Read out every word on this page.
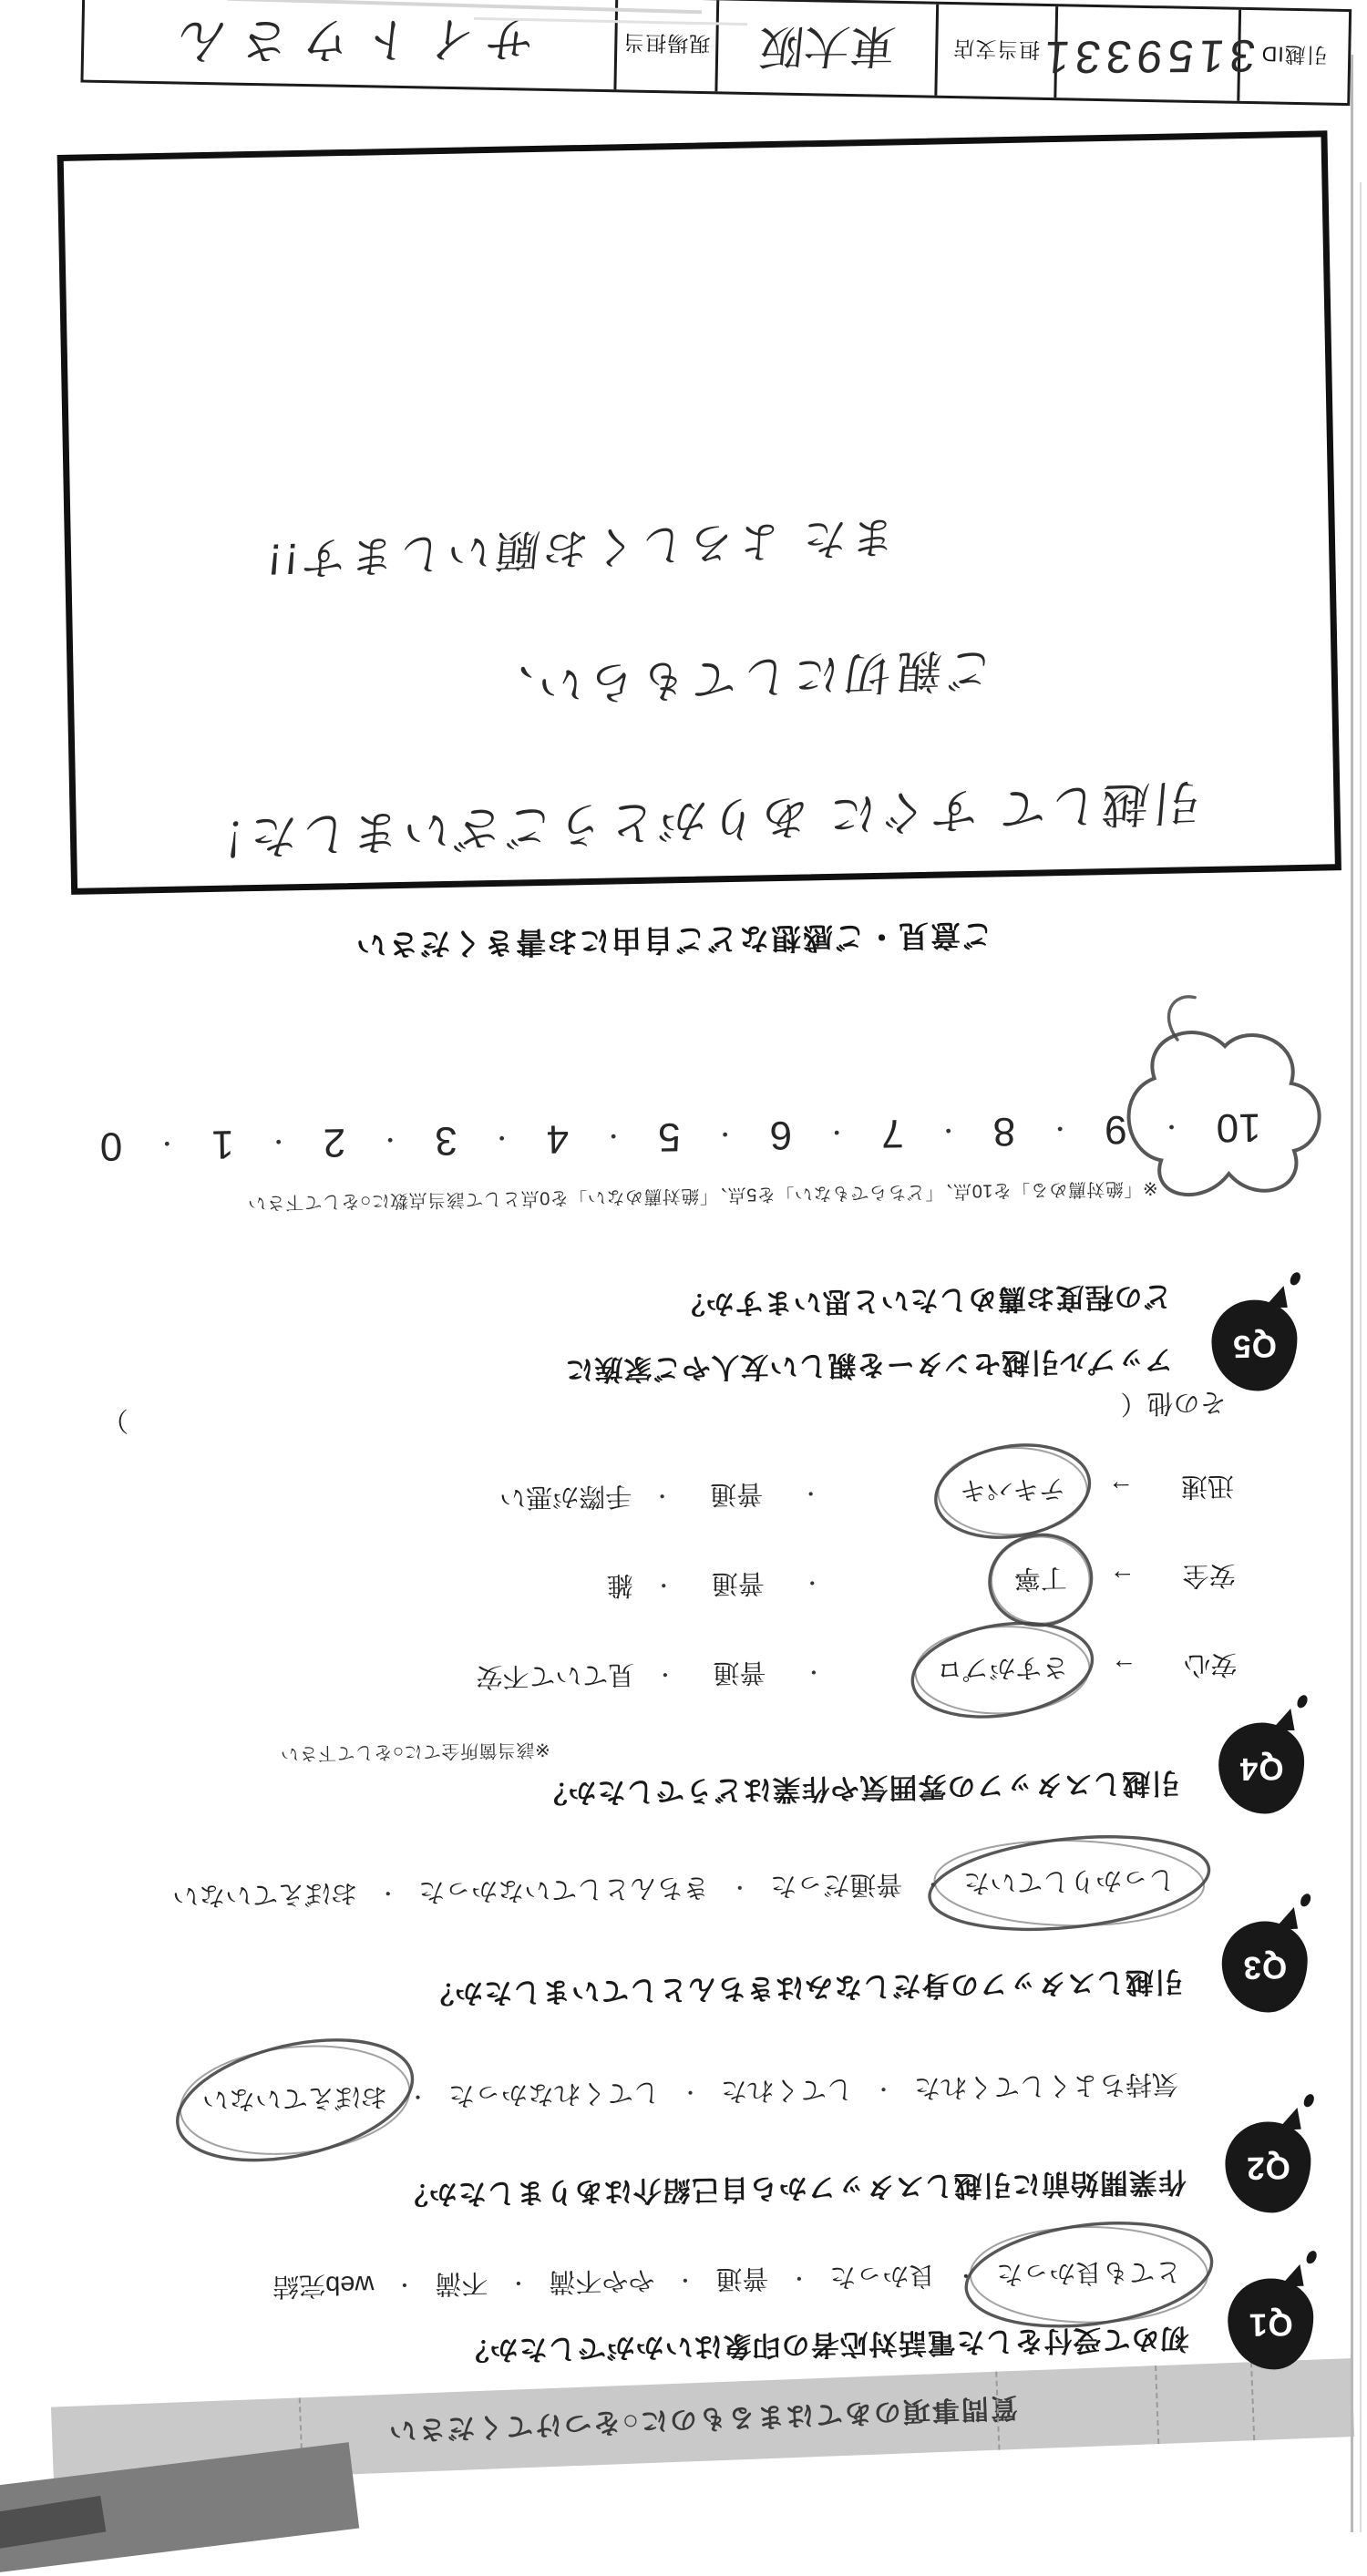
質問事項のあてはまるものに○をつけてください
Q1
初めて受付をした電話対応者の印象はいかがでしたか？
とても良かった
・
良かった
・
普通
・
やや不満
・
不満
・
web完結
Q2
作業開始前に引越しスタッフから自己紹介はありましたか？
気持ちよくしてくれた
・
してくれた
・
してくれなかった
・
おぼえていない
Q3
引越しスタッフの身だしなみはきちんとしていましたか？
しっかりしていた
・
普通だった
・
きちんとしていなかった
・
おぼえていない
Q4
引越しスタッフの雰囲気や作業はどうでしたか？
※該当箇所全てに○をして下さい
安心
→
さすがプロ
・
普通
・
見ていて不安
安全
→
丁寧
・
普通
・
雑
迅速
→
テキパキ
・
普通
・
手際が悪い
その他（
）
Q5
アップル引越センターを親しい友人やご家族に
どの程度お薦めしたいと思いますか？
※「絶対薦める」を10点、「どちらでもない」を5点、「絶対薦めない」を0点として該当点数に○をして下さい
10
・
9
・
8
・
7
・
6
・
5
・
4
・
3
・
2
・
1
・
0
ご意見・ご感想などご自由にお書きください
引越して すぐに ありがとうございました！
ご親切にしてもらい、
また よろしくお願いします!!
引越ID
3159331
担当支店
東大阪
現場担当
サイトウさん
